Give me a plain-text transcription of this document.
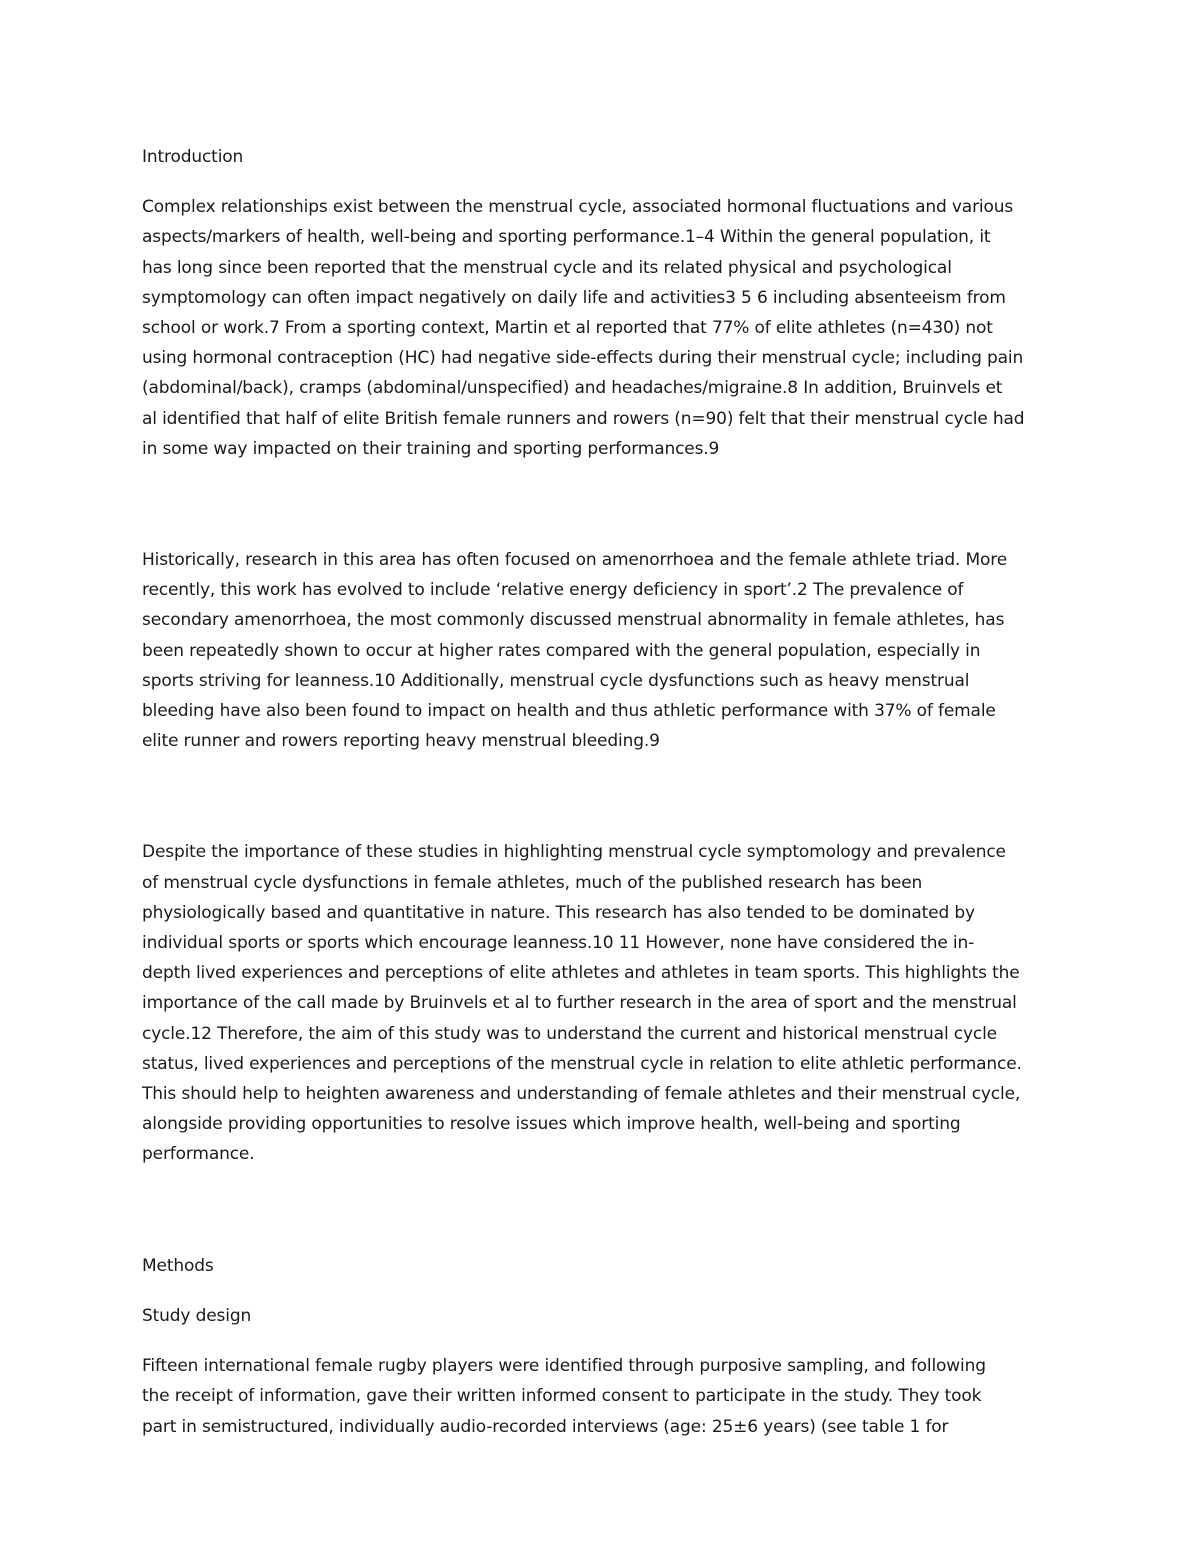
Introduction
Complex relationships exist between the menstrual cycle, associated hormonal fluctuations and various
aspects/markers of health, well-being and sporting performance.1–4 Within the general population, it
has long since been reported that the menstrual cycle and its related physical and psychological
symptomology can often impact negatively on daily life and activities3 5 6 including absenteeism from
school or work.7 From a sporting context, Martin et al reported that 77% of elite athletes (n=430) not
using hormonal contraception (HC) had negative side-effects during their menstrual cycle; including pain
(abdominal/back), cramps (abdominal/unspecified) and headaches/migraine.8 In addition, Bruinvels et
al identified that half of elite British female runners and rowers (n=90) felt that their menstrual cycle had
in some way impacted on their training and sporting performances.9
Historically, research in this area has often focused on amenorrhoea and the female athlete triad. More
recently, this work has evolved to include ‘relative energy deficiency in sport’.2 The prevalence of
secondary amenorrhoea, the most commonly discussed menstrual abnormality in female athletes, has
been repeatedly shown to occur at higher rates compared with the general population, especially in
sports striving for leanness.10 Additionally, menstrual cycle dysfunctions such as heavy menstrual
bleeding have also been found to impact on health and thus athletic performance with 37% of female
elite runner and rowers reporting heavy menstrual bleeding.9
Despite the importance of these studies in highlighting menstrual cycle symptomology and prevalence
of menstrual cycle dysfunctions in female athletes, much of the published research has been
physiologically based and quantitative in nature. This research has also tended to be dominated by
individual sports or sports which encourage leanness.10 11 However, none have considered the in-
depth lived experiences and perceptions of elite athletes and athletes in team sports. This highlights the
importance of the call made by Bruinvels et al to further research in the area of sport and the menstrual
cycle.12 Therefore, the aim of this study was to understand the current and historical menstrual cycle
status, lived experiences and perceptions of the menstrual cycle in relation to elite athletic performance.
This should help to heighten awareness and understanding of female athletes and their menstrual cycle,
alongside providing opportunities to resolve issues which improve health, well-being and sporting
performance.
Methods
Study design
Fifteen international female rugby players were identified through purposive sampling, and following
the receipt of information, gave their written informed consent to participate in the study. They took
part in semistructured, individually audio-recorded interviews (age: 25±6 years) (see table 1 for
